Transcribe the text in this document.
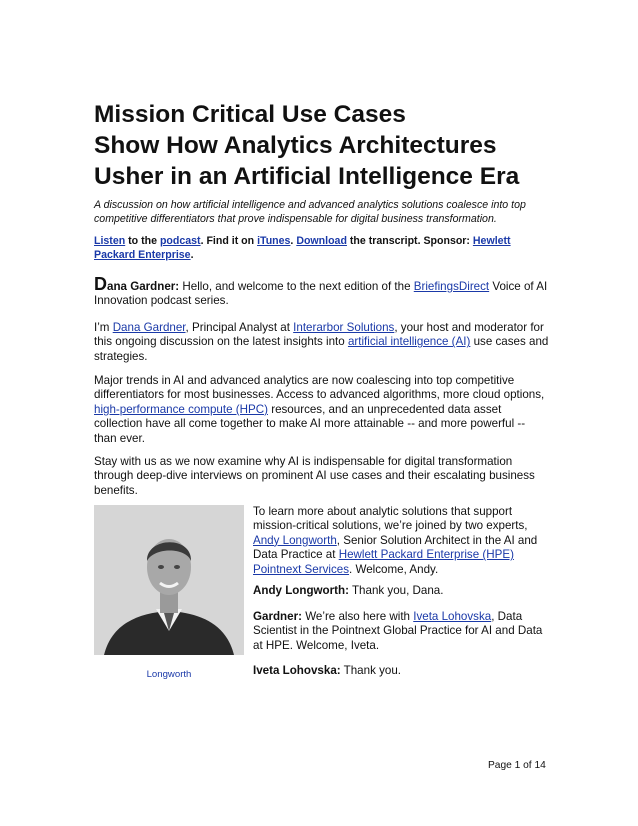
Mission Critical Use Cases
Show How Analytics Architectures
Usher in an Artificial Intelligence Era

A discussion on how artificial intelligence and advanced analytics solutions coalesce into top competitive differentiators that prove indispensable for digital business transformation.

Listen to the podcast. Find it on iTunes. Download the transcript. Sponsor: Hewlett Packard Enterprise.

Dana Gardner: Hello, and welcome to the next edition of the BriefingsDirect Voice of AI Innovation podcast series.

I’m Dana Gardner, Principal Analyst at Interarbor Solutions, your host and moderator for this ongoing discussion on the latest insights into artificial intelligence (AI) use cases and strategies.

Major trends in AI and advanced analytics are now coalescing into top competitive differentiators for most businesses. Access to advanced algorithms, more cloud options, high-performance compute (HPC) resources, and an unprecedented data asset collection have all come together to make AI more attainable -- and more powerful -- than ever.

Stay with us as we now examine why AI is indispensable for digital transformation through deep-dive interviews on prominent AI use cases and their escalating business benefits.

Longworth

To learn more about analytic solutions that support mission-critical solutions, we’re joined by two experts, Andy Longworth, Senior Solution Architect in the AI and Data Practice at Hewlett Packard Enterprise (HPE) Pointnext Services. Welcome, Andy.

Andy Longworth: Thank you, Dana.

Gardner: We’re also here with Iveta Lohovska, Data Scientist in the Pointnext Global Practice for AI and Data at HPE. Welcome, Iveta.

Iveta Lohovska: Thank you.

Page 1 of 14
